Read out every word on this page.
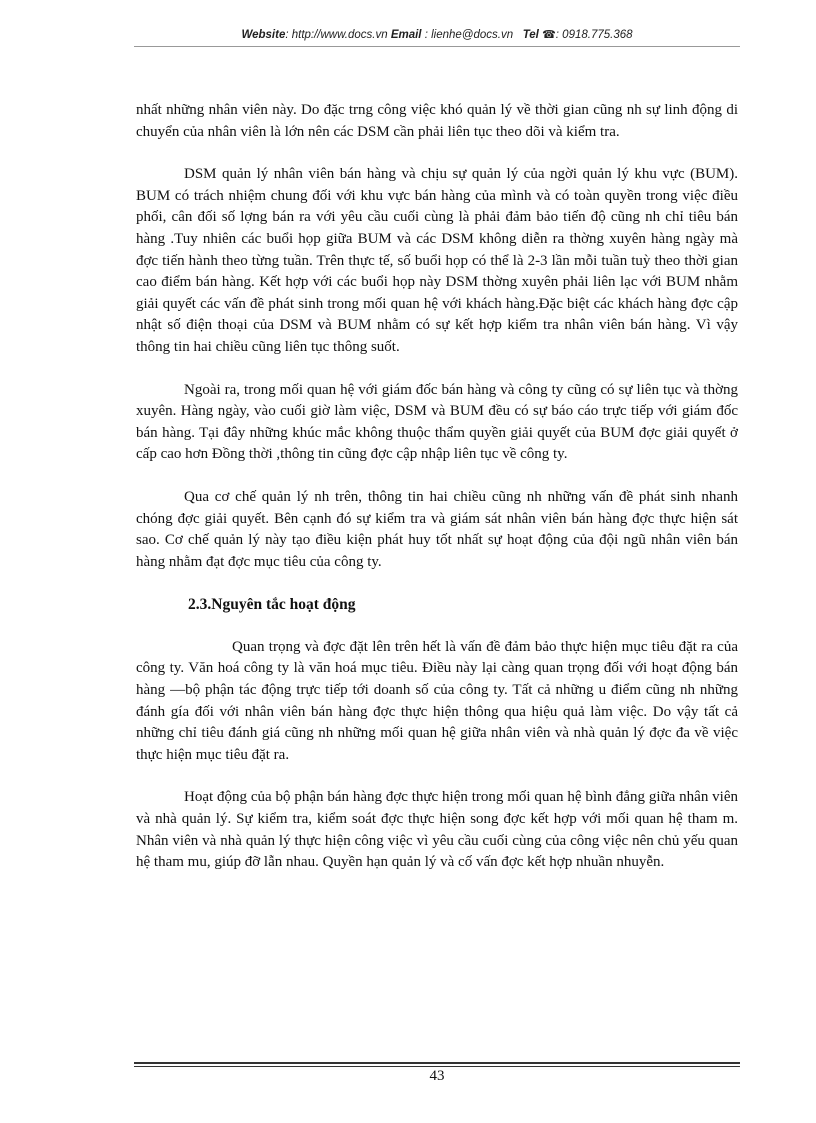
Website: http://www.docs.vn Email : lienhe@docs.vn Tel ☎: 0918.775.368

nhất những nhân viên này. Do đặc trng công việc khó quản lý về thời gian cũng nh sự linh động di chuyển của nhân viên là lớn nên các DSM cần phải liên tục theo dõi và kiểm tra.

DSM quản lý nhân viên bán hàng và chịu sự quản lý của ngời quản lý khu vực (BUM). BUM có trách nhiệm chung đối với khu vực bán hàng của mình và có toàn quyền trong việc điều phối, cân đối số lợng bán ra với yêu cầu cuối cùng là phải đảm bảo tiến độ cũng nh chỉ tiêu bán hàng .Tuy nhiên các buổi họp giữa BUM và các DSM không diễn ra thờng xuyên hàng ngày mà đợc tiến hành theo từng tuần. Trên thực tế, số buổi họp có thể là 2-3 lần mỗi tuần tuỳ theo thời gian cao điểm bán hàng. Kết hợp với các buổi họp này DSM thờng xuyên phải liên lạc với BUM nhằm giải quyết các vấn đề phát sinh trong mối quan hệ với khách hàng.Đặc biệt các khách hàng đợc cập nhật số điện thoại của DSM và BUM nhằm có sự kết hợp kiểm tra nhân viên bán hàng. Vì vậy thông tin hai chiều cũng liên tục thông suốt.

Ngoài ra, trong mối quan hệ với giám đốc bán hàng và công ty cũng có sự liên tục và thờng xuyên. Hàng ngày, vào cuối giờ làm việc, DSM và BUM đều có sự báo cáo trực tiếp với giám đốc bán hàng. Tại đây những khúc mắc không thuộc thẩm quyền giải quyết của BUM đợc giải quyết ở cấp cao hơn Đồng thời ,thông tin cũng đợc cập nhập liên tục về công ty.

Qua cơ chế quản lý nh trên, thông tin hai chiều cũng nh những vấn đề phát sinh nhanh chóng đợc giải quyết. Bên cạnh đó sự kiểm tra và giám sát nhân viên bán hàng đợc thực hiện sát sao. Cơ chế quản lý này tạo điều kiện phát huy tốt nhất sự hoạt động của đội ngũ nhân viên bán hàng nhằm đạt đợc mục tiêu của công ty.

2.3.Nguyên tắc hoạt động

Quan trọng và đợc đặt lên trên hết là vấn đề đảm bảo thực hiện mục tiêu đặt ra của công ty. Văn hoá công ty là văn hoá mục tiêu. Điều này lại càng quan trọng đối với hoạt động bán hàng —bộ phận tác động trực tiếp tới doanh số của công ty. Tất cả những u điểm cũng nh những đánh gía đối với nhân viên bán hàng đợc thực hiện thông qua hiệu quả làm việc. Do vậy tất cả những chỉ tiêu đánh giá cũng nh những mối quan hệ giữa nhân viên và nhà quản lý đợc đa về việc thực hiện mục tiêu đặt ra.

Hoạt động của bộ phận bán hàng đợc thực hiện trong mối quan hệ bình đẳng giữa nhân viên và nhà quản lý. Sự kiểm tra, kiểm soát đợc thực hiện song đợc kết hợp với mối quan hệ tham m. Nhân viên và nhà quản lý thực hiện công việc vì yêu cầu cuối cùng của công việc nên chủ yếu quan hệ tham mu, giúp đỡ lẫn nhau. Quyền hạn quản lý và cố vấn đợc kết hợp nhuần nhuyễn.

43
